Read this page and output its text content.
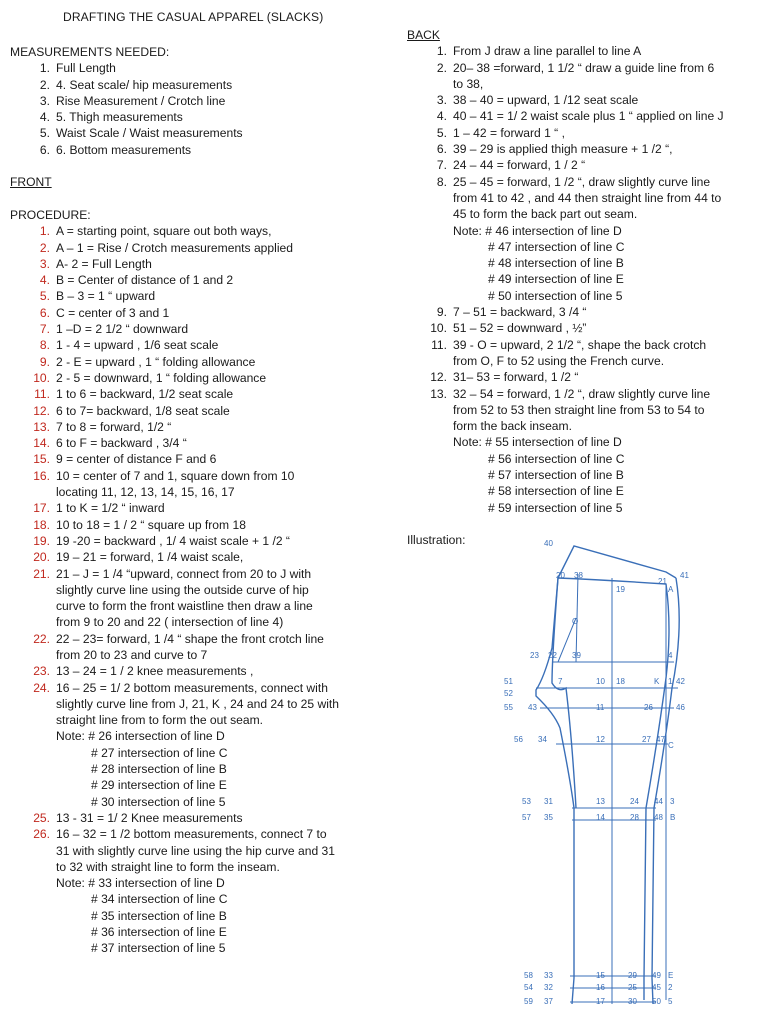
DRAFTING THE CASUAL APPAREL (SLACKS)
MEASUREMENTS NEEDED:
1. Full Length
2. 4. Seat scale/ hip measurements
3. Rise Measurement / Crotch line
4. 5. Thigh measurements
5. Waist Scale / Waist measurements
6. 6. Bottom measurements
FRONT
PROCEDURE:
1. A = starting point, square out both ways,
2. A – 1 = Rise / Crotch measurements applied
3. A- 2 = Full Length
4. B = Center of distance of 1 and 2
5. B – 3 = 1 “ upward
6. C = center of 3 and 1
7. 1 –D = 2 1/2 “ downward
8. 1 - 4 = upward , 1/6 seat scale
9. 2 - E = upward , 1 “ folding allowance
10. 2 - 5 = downward, 1 “ folding allowance
11. 1 to 6 = backward, 1/2 seat scale
12. 6 to 7= backward, 1/8 seat scale
13. 7 to 8 = forward, 1/2 “
14. 6 to F = backward , 3/4 “
15. 9 = center of distance F and 6
16. 10 = center of 7 and 1, square down from 10
locating 11, 12, 13, 14, 15, 16, 17
17. 1 to K = 1/2 “ inward
18. 10 to 18 = 1 / 2 “ square up from 18
19. 19 -20 = backward , 1/ 4 waist scale + 1 /2 “
20. 19 – 21 = forward, 1 /4 waist scale,
21. 21 – J = 1 /4 “upward, connect from 20 to J with
slightly curve line using the outside curve of hip
curve to form the front waistline then draw a line
from 9 to 20 and 22 ( intersection of line 4)
22. 22 – 23= forward, 1 /4 “ shape the front crotch line
from 20 to 23 and curve to 7
23. 13 – 24 = 1 / 2 knee measurements ,
24. 16 – 25 = 1/ 2 bottom measurements, connect with
slightly curve line from J, 21, K , 24 and 24 to 25 with
straight line from to form the out seam.
Note: # 26 intersection of line D
# 27 intersection of line C
# 28 intersection of line B
# 29 intersection of line E
# 30 intersection of line 5
25. 13 - 31 = 1/ 2 Knee measurements
26. 16 – 32 = 1 /2 bottom measurements, connect 7 to
31 with slightly curve line using the hip curve and 31
to 32 with straight line to form the inseam.
Note: # 33 intersection of line D
# 34 intersection of line C
# 35 intersection of line B
# 36 intersection of line E
# 37 intersection of line 5
BACK
1. From J draw a line parallel to line A
2. 20– 38 =forward, 1 1/2 “ draw a guide line from 6
to 38,
3. 38 – 40 = upward, 1 /12 seat scale
4. 40 – 41 = 1/ 2 waist scale plus 1 “ applied on line J
5. 1 – 42 = forward 1 “ ,
6. 39 – 29 is applied thigh measure + 1 /2 “,
7. 24 – 44 = forward, 1 / 2 “
8. 25 – 45 = forward, 1 /2 “, draw slightly curve line
from 41 to 42 , and 44 then straight line from 44 to
45 to form the back part out seam.
Note: # 46 intersection of line D
# 47 intersection of line C
# 48 intersection of line B
# 49 intersection of line E
# 50 intersection of line 5
9. 7 – 51 = backward, 3 /4 “
10. 51 – 52 = downward , ½”
11. 39 - O = upward, 2 1/2 “, shape the back crotch
from O, F to 52 using the French curve.
12. 31– 53 = forward, 1 /2 “
13. 32 – 54 = forward, 1 /2 “, draw slightly curve line
from 52 to 53 then straight line from 53 to 54 to
form the back inseam.
Note: # 55 intersection of line D
# 56 intersection of line C
# 57 intersection of line B
# 58 intersection of line E
# 59 intersection of line 5
Illustration:	40
20 38
21
41
19	A
O
22
23	39	4
51
52
7	10 18	K 1 42
55 43	11	26	46
56 34	12	27 47
C
53 31	13	24 44 3
57 35	14	28 48 B
58 33	15	29 49 E
54 32	16	25 45 2
59 37	17	30 50 5
